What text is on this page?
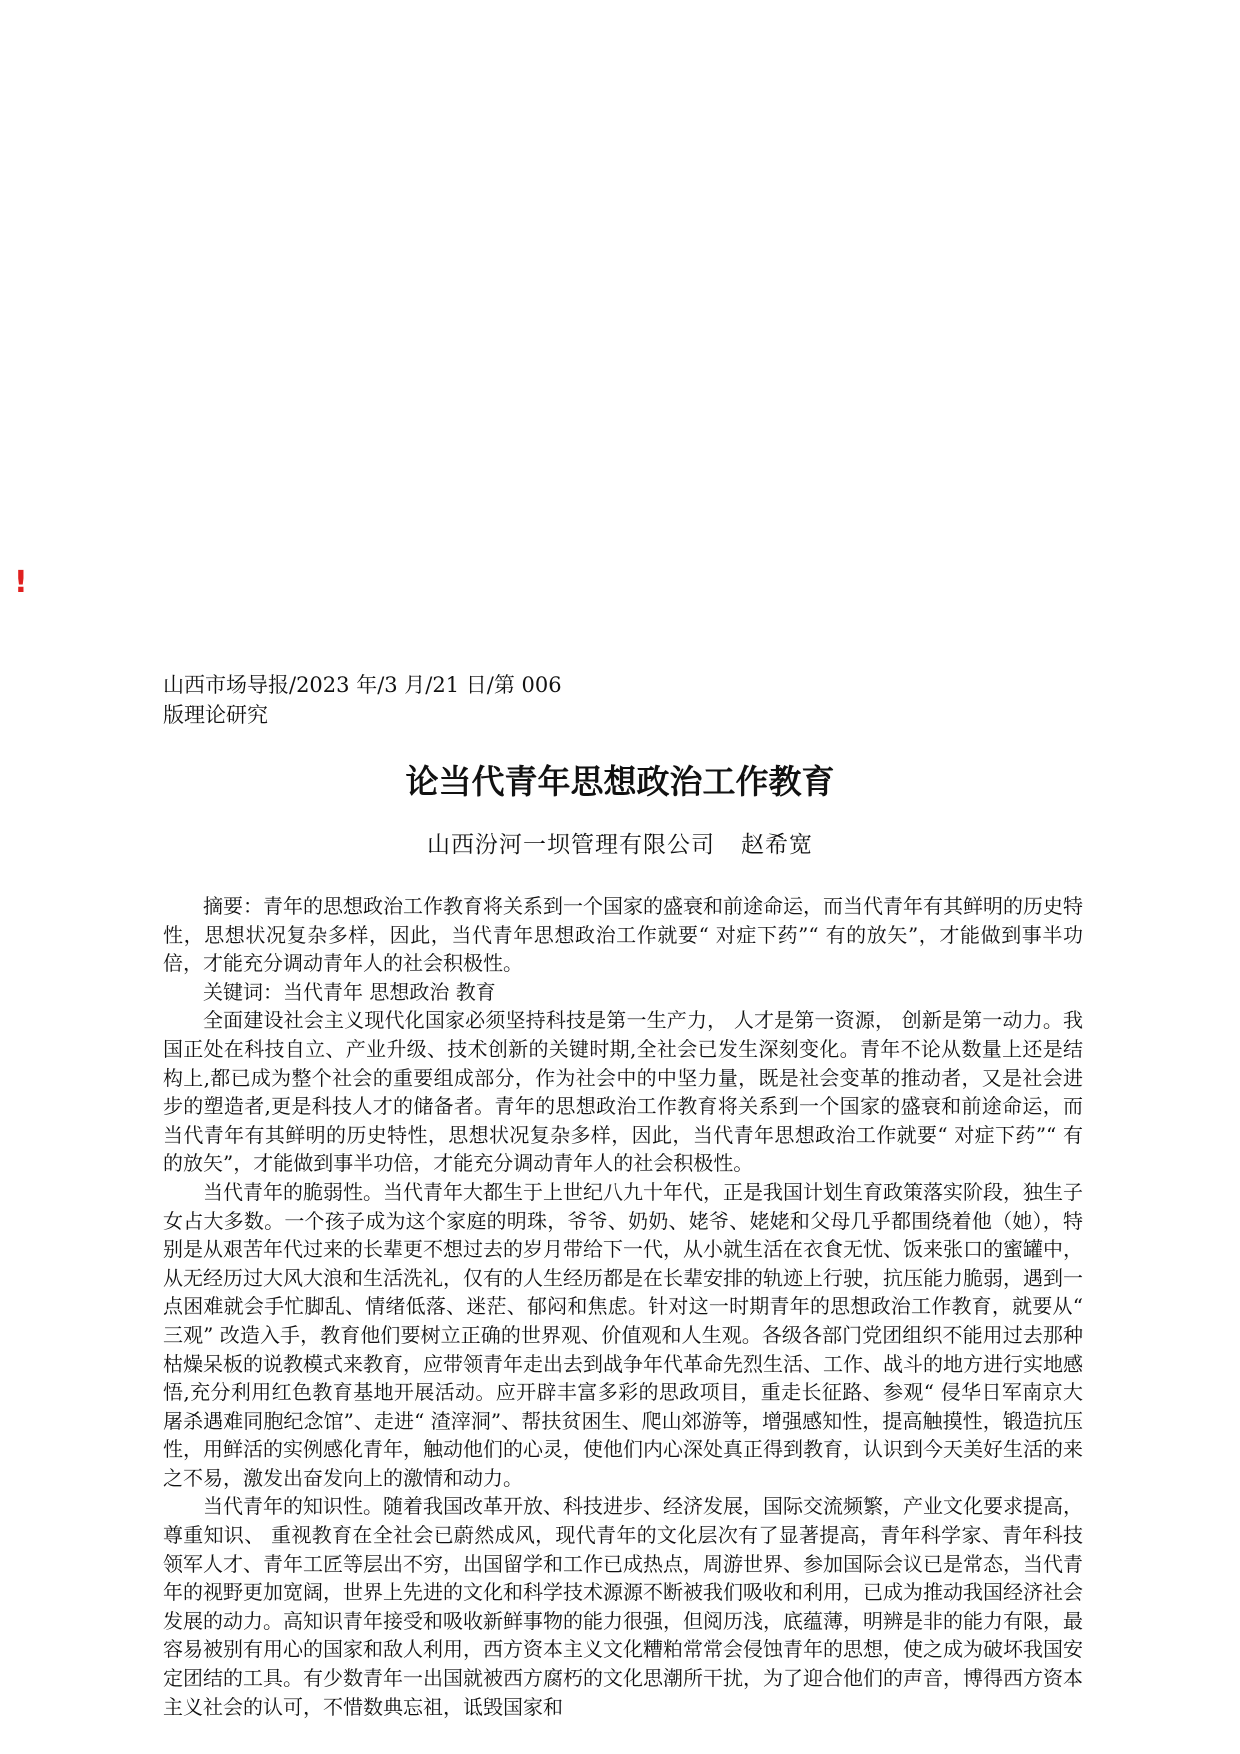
!
山西市场导报/2023 年/3 月/21 日/第 006
版理论研究
论当代青年思想政治工作教育
山西汾河一坝管理有限公司 赵希宽

摘要：青年的思想政治工作教育将关系到一个国家的盛衰和前途命运，而当代青年有其鲜明的历史特性，思想状况复杂多样，因此，当代青年思想政治工作就要“ 对症下药”“ 有的放矢”，才能做到事半功倍，才能充分调动青年人的社会积极性。

关键词：当代青年 思想政治 教育

全面建设社会主义现代化国家必须坚持科技是第一生产力， 人才是第一资源， 创新是第一动力。我国正处在科技自立、产业升级、技术创新的关键时期,全社会已发生深刻变化。青年不论从数量上还是结构上,都已成为整个社会的重要组成部分，作为社会中的中坚力量，既是社会变革的推动者，又是社会进步的塑造者,更是科技人才的储备者。青年的思想政治工作教育将关系到一个国家的盛衰和前途命运，而当代青年有其鲜明的历史特性，思想状况复杂多样，因此，当代青年思想政治工作就要“ 对症下药”“ 有的放矢”，才能做到事半功倍，才能充分调动青年人的社会积极性。

当代青年的脆弱性。当代青年大都生于上世纪八九十年代，正是我国计划生育政策落实阶段，独生子女占大多数。一个孩子成为这个家庭的明珠，爷爷、奶奶、姥爷、姥姥和父母几乎都围绕着他（她），特别是从艰苦年代过来的长辈更不想过去的岁月带给下一代，从小就生活在衣食无忧、饭来张口的蜜罐中，从无经历过大风大浪和生活洗礼，仅有的人生经历都是在长辈安排的轨迹上行驶，抗压能力脆弱，遇到一点困难就会手忙脚乱、情绪低落、迷茫、郁闷和焦虑。针对这一时期青年的思想政治工作教育，就要从“ 三观” 改造入手，教育他们要树立正确的世界观、价值观和人生观。各级各部门党团组织不能用过去那种枯燥呆板的说教模式来教育，应带领青年走出去到战争年代革命先烈生活、工作、战斗的地方进行实地感悟,充分利用红色教育基地开展活动。应开辟丰富多彩的思政项目，重走长征路、参观“ 侵华日军南京大屠杀遇难同胞纪念馆”、走进“ 渣滓洞”、帮扶贫困生、爬山郊游等，增强感知性，提高触摸性，锻造抗压性，用鲜活的实例感化青年，触动他们的心灵，使他们内心深处真正得到教育，认识到今天美好生活的来之不易，激发出奋发向上的激情和动力。

当代青年的知识性。随着我国改革开放、科技进步、经济发展，国际交流频繁，产业文化要求提高， 尊重知识、 重视教育在全社会已蔚然成风，现代青年的文化层次有了显著提高，青年科学家、青年科技领军人才、青年工匠等层出不穷，出国留学和工作已成热点，周游世界、参加国际会议已是常态，当代青年的视野更加宽阔，世界上先进的文化和科学技术源源不断被我们吸收和利用，已成为推动我国经济社会发展的动力。高知识青年接受和吸收新鲜事物的能力很强，但阅历浅，底蕴薄，明辨是非的能力有限，最容易被别有用心的国家和敌人利用，西方资本主义文化糟粕常常会侵蚀青年的思想，使之成为破坏我国安定团结的工具。有少数青年一出国就被西方腐朽的文化思潮所干扰，为了迎合他们的声音，博得西方资本主义社会的认可，不惜数典忘祖，诋毁国家和
